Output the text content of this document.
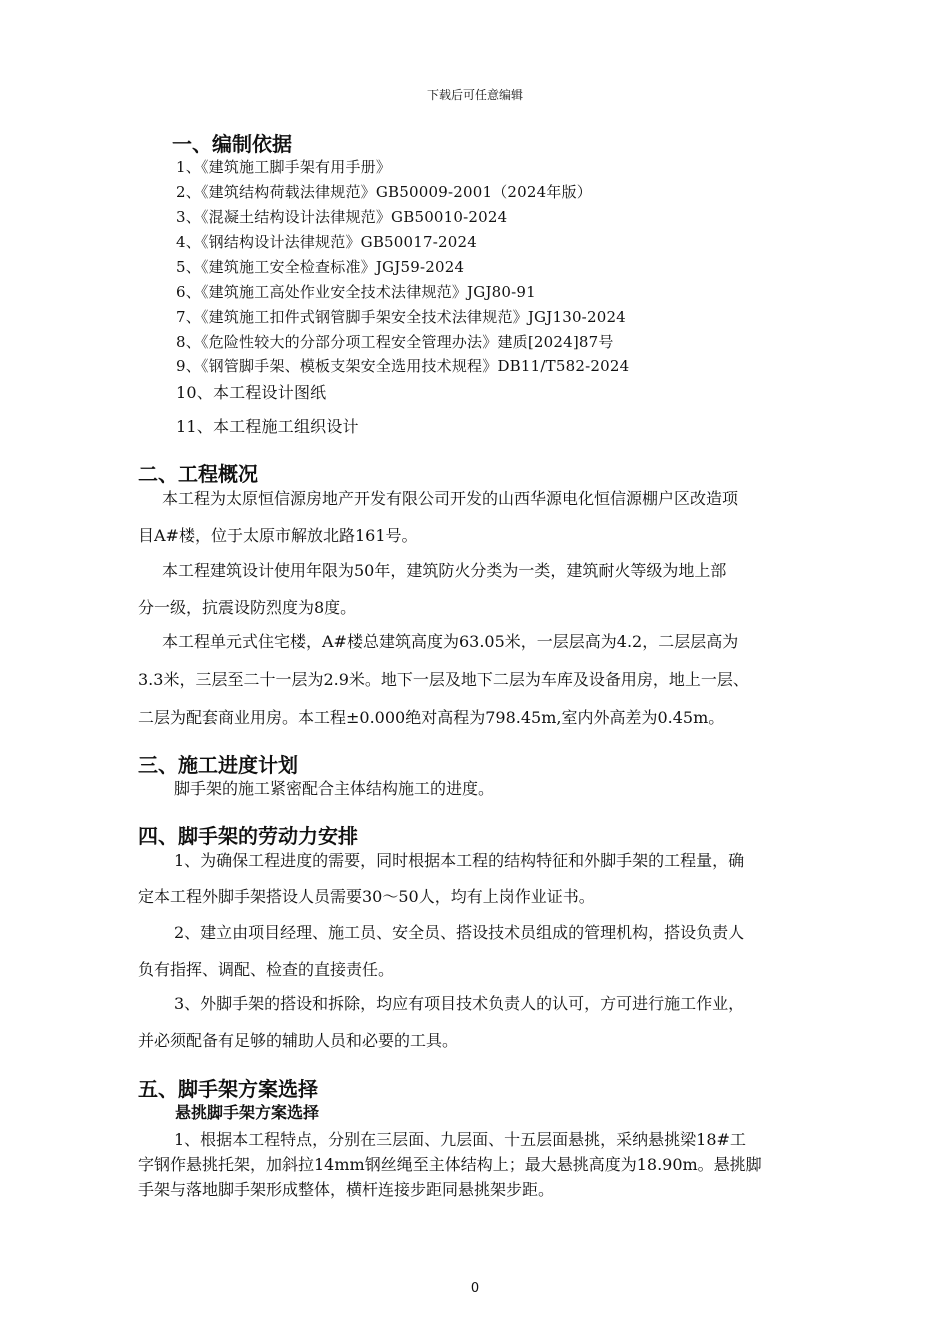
下载后可任意编辑
一、编制依据
1、《建筑施工脚手架有用手册》
2、《建筑结构荷载法律规范》GB50009-2001（2024年版）
3、《混凝土结构设计法律规范》GB50010-2024
4、《钢结构设计法律规范》GB50017-2024
5、《建筑施工安全检查标准》JGJ59-2024
6、《建筑施工高处作业安全技术法律规范》JGJ80-91
7、《建筑施工扣件式钢管脚手架安全技术法律规范》JGJ130-2024
8、《危险性较大的分部分项工程安全管理办法》建质[2024]87号
9、《钢管脚手架、模板支架安全选用技术规程》DB11/T582-2024
10、本工程设计图纸
11、本工程施工组织设计
二、工程概况
本工程为太原恒信源房地产开发有限公司开发的山西华源电化恒信源棚户区改造项
目A#楼，位于太原市解放北路161号。
本工程建筑设计使用年限为50年，建筑防火分类为一类，建筑耐火等级为地上部
分一级，抗震设防烈度为8度。
本工程单元式住宅楼，A#楼总建筑高度为63.05米，一层层高为4.2，二层层高为
3.3米，三层至二十一层为2.9米。地下一层及地下二层为车库及设备用房，地上一层、
二层为配套商业用房。本工程±0.000绝对高程为798.45m,室内外高差为0.45m。
三、施工进度计划
脚手架的施工紧密配合主体结构施工的进度。
四、脚手架的劳动力安排
1、为确保工程进度的需要，同时根据本工程的结构特征和外脚手架的工程量，确
定本工程外脚手架搭设人员需要30～50人，均有上岗作业证书。
2、建立由项目经理、施工员、安全员、搭设技术员组成的管理机构，搭设负责人
负有指挥、调配、检查的直接责任。
3、外脚手架的搭设和拆除，均应有项目技术负责人的认可，方可进行施工作业，
并必须配备有足够的辅助人员和必要的工具。
五、脚手架方案选择
悬挑脚手架方案选择
1、根据本工程特点，分别在三层面、九层面、十五层面悬挑，采纳悬挑梁18#工
字钢作悬挑托架，加斜拉14mm钢丝绳至主体结构上；最大悬挑高度为18.90m。悬挑脚
手架与落地脚手架形成整体，横杆连接步距同悬挑架步距。
0
